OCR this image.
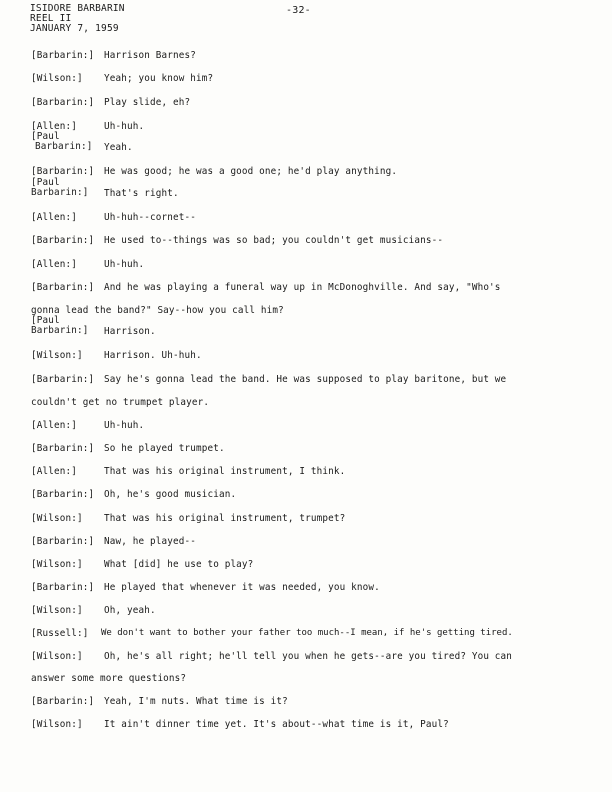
ISIDORE BARBARIN
REEL II
JANUARY 7, 1959
-32-
[Barbarin:] Harrison Barnes?
[Wilson:] Yeah; you know him?
[Barbarin:] Play slide, eh?
[Allen:]	Uh-huh.
[Paul
Barbarin:] Yeah.
[Barbarin:] He was good; he was a good one; he'd play anything.
[Paul
Barbarin:] That's right.
[Allen:]	Uh-huh--cornet--
[Barbarin:] He used to--things was so bad; you couldn't get musicians--
[Allen:]	Uh-huh.
[Barbarin:] And he was playing a funeral way up in McDonoghville. And say, "Who's
gonna lead the band?" Say--how you call him?
[Paul
Barbarin:] Harrison.
[Wilson:] Harrison. Uh-huh.
[Barbarin:] Say he's gonna lead the band. He was supposed to play baritone, but we
couldn't get no trumpet player.
[Allen:]	Uh-huh.
[Barbarin:] So he played trumpet.
[Allen:]	That was his original instrument, I think.
[Barbarin:] Oh, he's good musician.
[Wilson:] That was his original instrument, trumpet?
[Barbarin:] Naw, he played--
[Wilson:] What [did] he use to play?
[Barbarin:] He played that whenever it was needed, you know.
[Wilson:] Oh, yeah.
[Russell:] We don't want to bother your father too much--I mean, if he's getting tired.
[Wilson:] Oh, he's all right; he'll tell you when he gets--are you tired? You can
answer some more questions?
[Barbarin:] Yeah, I'm nuts. What time is it?
[Wilson:] It ain't dinner time yet. It's about--what time is it, Paul?
